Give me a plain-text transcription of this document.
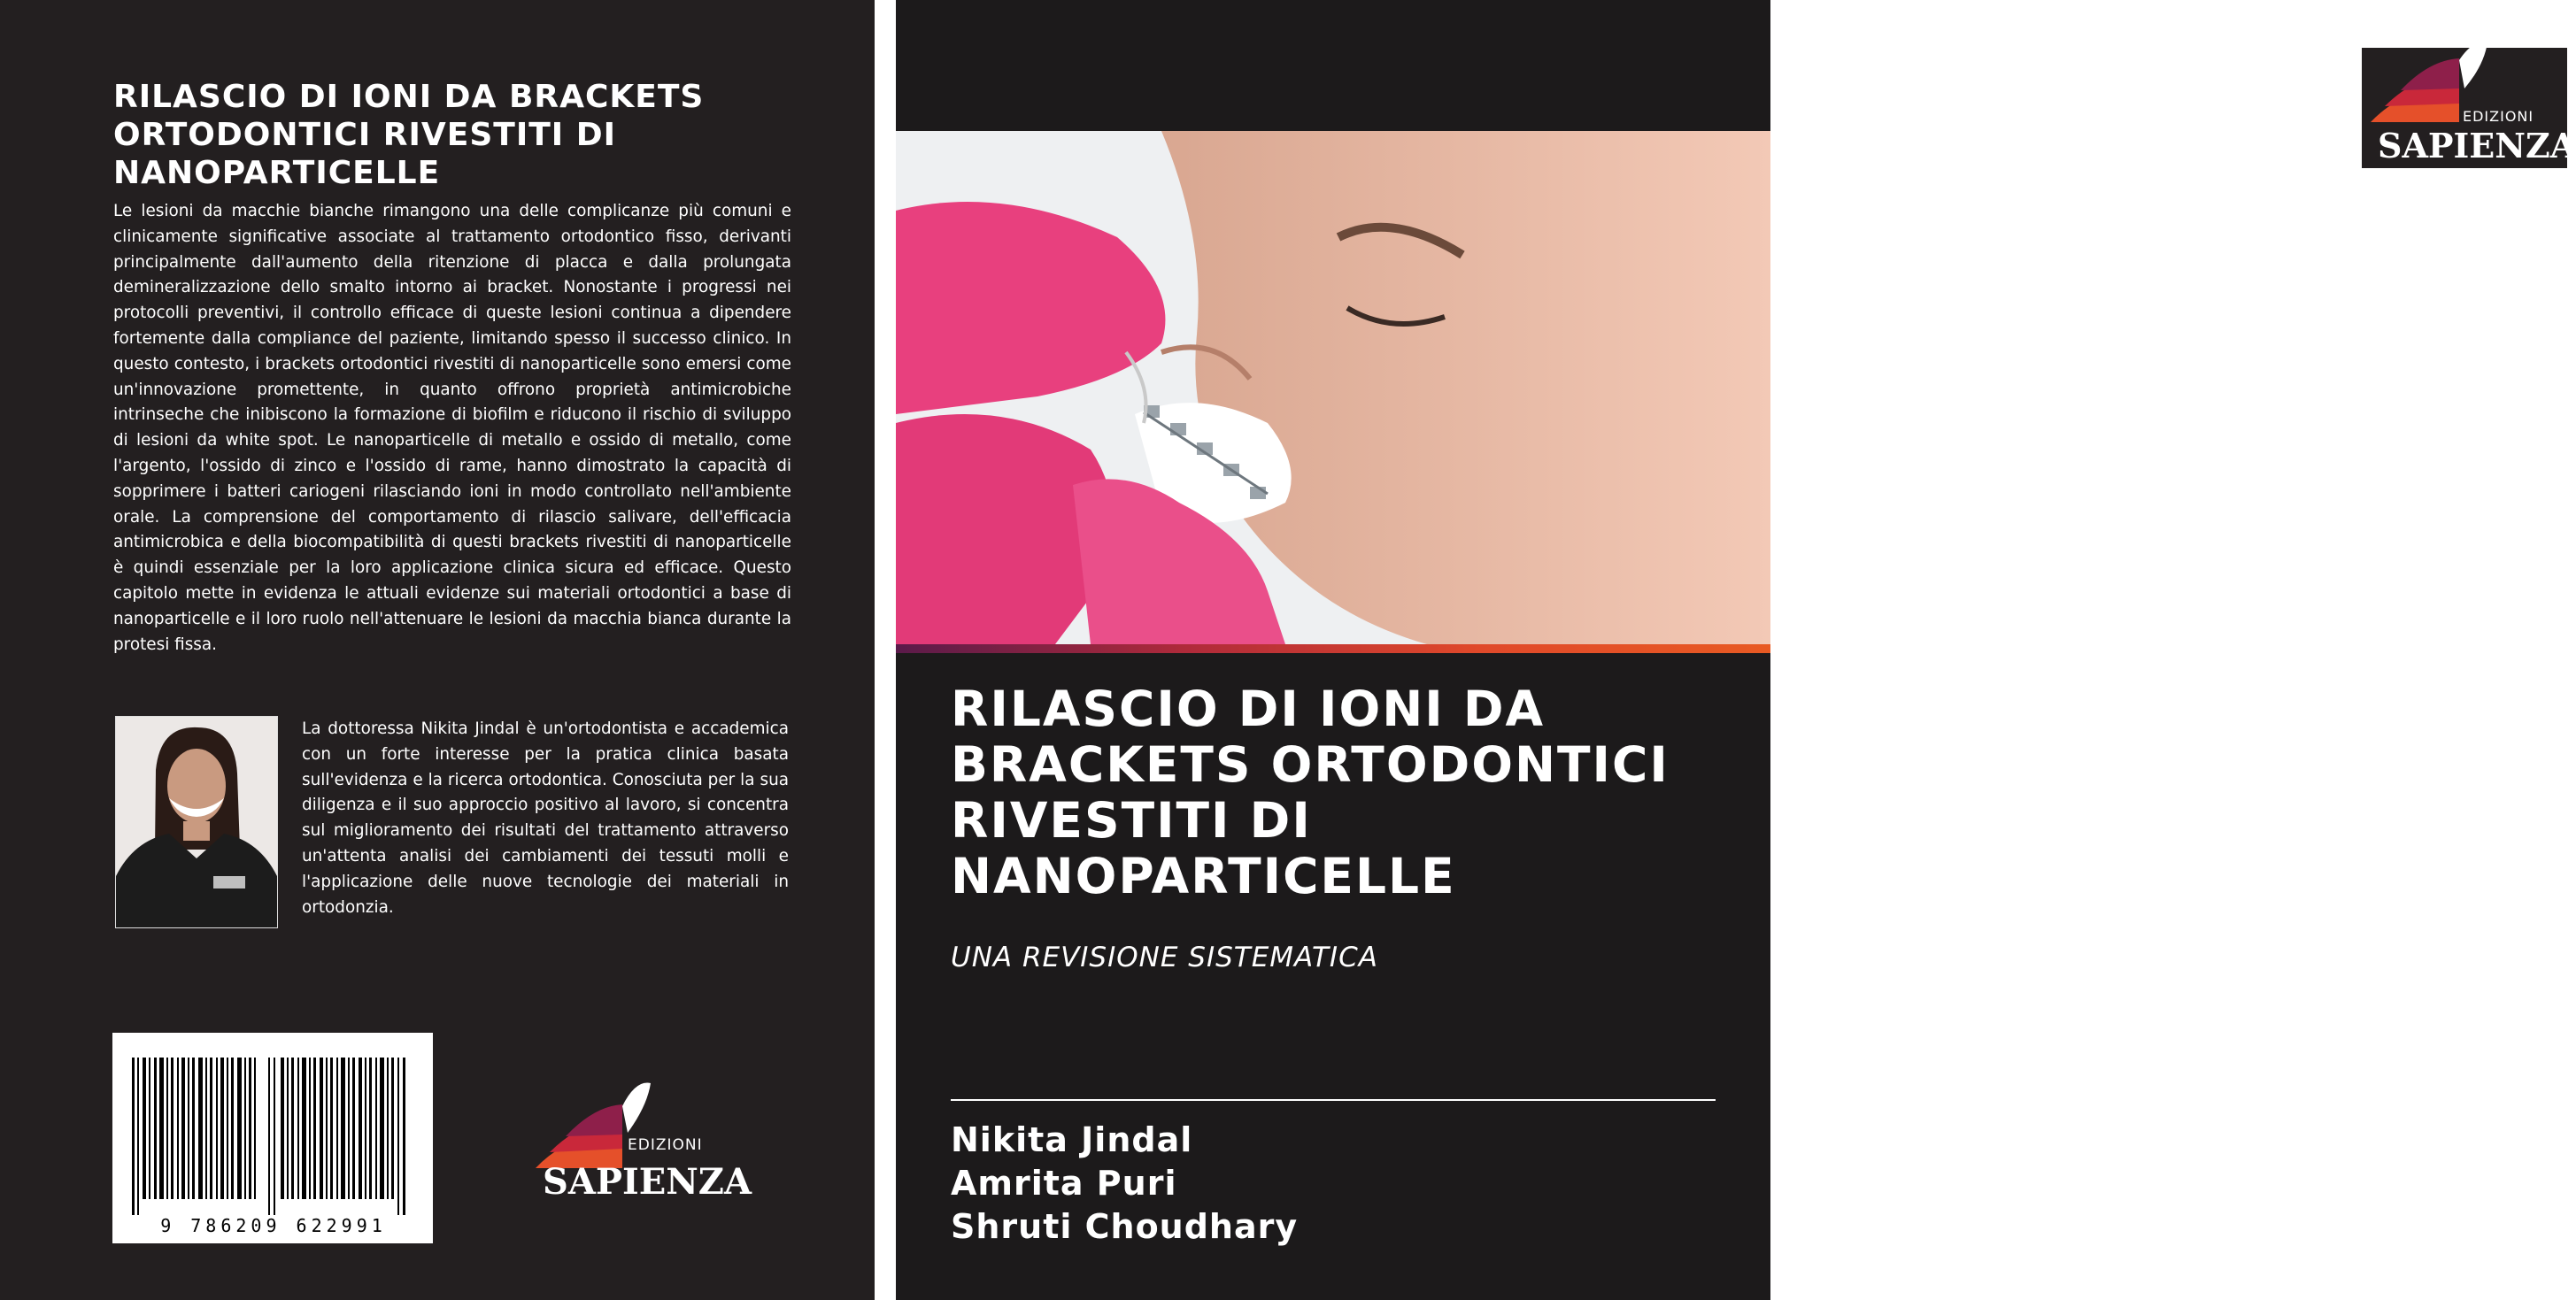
RILASCIO DI IONI DA BRACKETS ORTODONTICI RIVESTITI DI NANOPARTICELLE

Le lesioni da macchie bianche rimangono una delle complicanze più comuni e clinicamente significative associate al trattamento ortodontico fisso, derivanti principalmente dall'aumento della ritenzione di placca e dalla prolungata demineralizzazione dello smalto intorno ai bracket. Nonostante i progressi nei protocolli preventivi, il controllo efficace di queste lesioni continua a dipendere fortemente dalla compliance del paziente, limitando spesso il successo clinico. In questo contesto, i brackets ortodontici rivestiti di nanoparticelle sono emersi come un'innovazione promettente, in quanto offrono proprietà antimicrobiche intrinseche che inibiscono la formazione di biofilm e riducono il rischio di sviluppo di lesioni da white spot. Le nanoparticelle di metallo e ossido di metallo, come l'argento, l'ossido di zinco e l'ossido di rame, hanno dimostrato la capacità di sopprimere i batteri cariogeni rilasciando ioni in modo controllato nell'ambiente orale. La comprensione del comportamento di rilascio salivare, dell'efficacia antimicrobica e della biocompatibilità di questi brackets rivestiti di nanoparticelle è quindi essenziale per la loro applicazione clinica sicura ed efficace. Questo capitolo mette in evidenza le attuali evidenze sui materiali ortodontici a base di nanoparticelle e il loro ruolo nell'attenuare le lesioni da macchia bianca durante la protesi fissa.

La dottoressa Nikita Jindal è un'ortodontista e accademica con un forte interesse per la pratica clinica basata sull'evidenza e la ricerca ortodontica. Conosciuta per la sua diligenza e il suo approccio positivo al lavoro, si concentra sul miglioramento dei risultati del trattamento attraverso un'attenta analisi dei cambiamenti dei tessuti molli e l'applicazione delle nuove tecnologie dei materiali in ortodonzia.

9 786209 622991
EDIZIONI
SAPIENZA
EDIZIONI
SAPIENZA
RILASCIO DI IONI DA BRACKETS ORTODONTICI RIVESTITI DI NANOPARTICELLE
UNA REVISIONE SISTEMATICA
Nikita Jindal
Amrita Puri
Shruti Choudhary
